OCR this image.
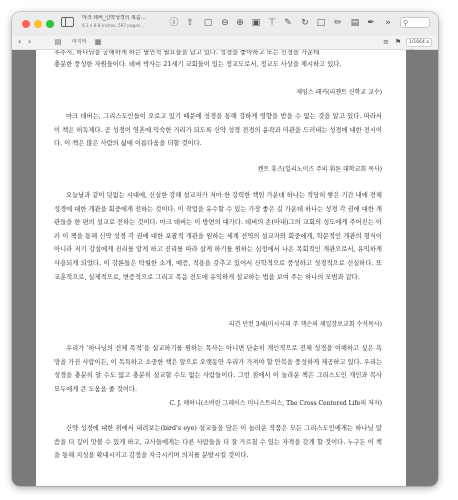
마크 데버_신약성경의 복음…
6.1 x 8.8 inches, 597 pages…	ⓘ ⇧ ▢ ⊖ ⊕ ▣ ⊤ ✎ ↻ □ ✏ ▤ ✒	»	⚲
‹ ›	▤	마지막	▦	≡ ⚑	1/1664 a

후주지, 하나님을 궁해하게 하는 필연적 필요들을 답고 있다. 성경을 좋아하고 또는 신경을 가운데

충분한 풍성한 자원들이다. 데버 박사는 21세기 교회들이 있는 정교도로서, 정교도 사상을 제시하고 있다.

제임스 패커(리젠트 신학교 교수)

마크 데버는, 그리스도인들이 오로고 있기 때문에 성경을 통해 강하게 영향을 받을 수 없는 것을 알고 있다. 따라서 이 책은 허독제다. 곧 성경이 영혼에 익숙한 거리가 되도록 신약 성경 전경의 윤곽과 미관을 드러내는 성경에 대한 전시이다. 이 책은 많은 사람의 삶에 이름다움을 더할 것이다.

켄트 휴즈(일리노이즈 주의 휘튼 대학교회 목사)

오늘날과 같이 덧없는 시대에, 신실한 강해 설교자가 저마 한 강력한 책임 가운데 하나는 적당히 쌓은 기간 내에 전체 성경에 대한 개관을 회중에게 전하는 것이다. 이 작업을 유수할 수 있는 가장 좋은 길 가운데 하나는 성경 각 권에 대한 개관들을 한 편의 설교로 전하는 것이다. 마크 데버는 이 방면의 대가다. 데버의 손(아내)그의 교회의 성도에게 주어진는 이러 이 책을 통해 신약 성경 각 권에 대한 포괄적 개관을 원하는 세계 전역의 설교자와 회중에게, 학문적인 개관의 형식이 아니라 저기 강설에게 진리를 알게 하고 진리를 따라 살게 하기를 원하는 심정에서 나온 목회적인 개관으로서, 유익하게 사용되게 되었다. 이 강론들은 탁월한 소개, 예증, 적용을 갖추고 있어서 신학적으로 풍성하고 성경적으로 신실하다. 또 교훈적으로, 실제적으로, 변증적으로 그리고 복음 전도에 유익하게 설교하는 법을 보여 주는 하나의 모범과 같다.

리건 던컨 3세(미시시피 주 잭슨의 제일장로교회 수석목사)

우리가 ‘하나님의 전체 목적’을 설교하기를 원하는 목사는 아니면 단순히 개인적으로 전체 성경을 이해하고 싶은 욕망을 가진 사람이든, 이 독특하고 소중한 책은 앞으로 오랫동안 우리가 가져야 할 안목을 풍성하게 제공하고 있다. 우리는 성경을 충분히 알 수도 없고 충분히 설교할 수도 없는 사람들이다. 그런 점에서 이 놀라운 책은 그리스도인 개인과 목사 모두에게 큰 도움을 줄 것이다.

C. J. 매하니(소버린 그레이스 미니스트리스, The Cross Centered Life의 저자)

신약 성경에 대한 위에서 내려보는(bird's eye) 설교들을 담은 이 놀라운 작품은 모든 그리스도인에게는 하나님 말씀을 더 깊이 맛볼 수 있게 하고, 교사들에게는 다른 사람들을 더 잘 가르칠 수 있는 자격을 갖게 할 것이다. 누구든 이 책을 통해 지성을 확대시키고 감정을 자극시키며 의지를 분발시킬 것이다.
